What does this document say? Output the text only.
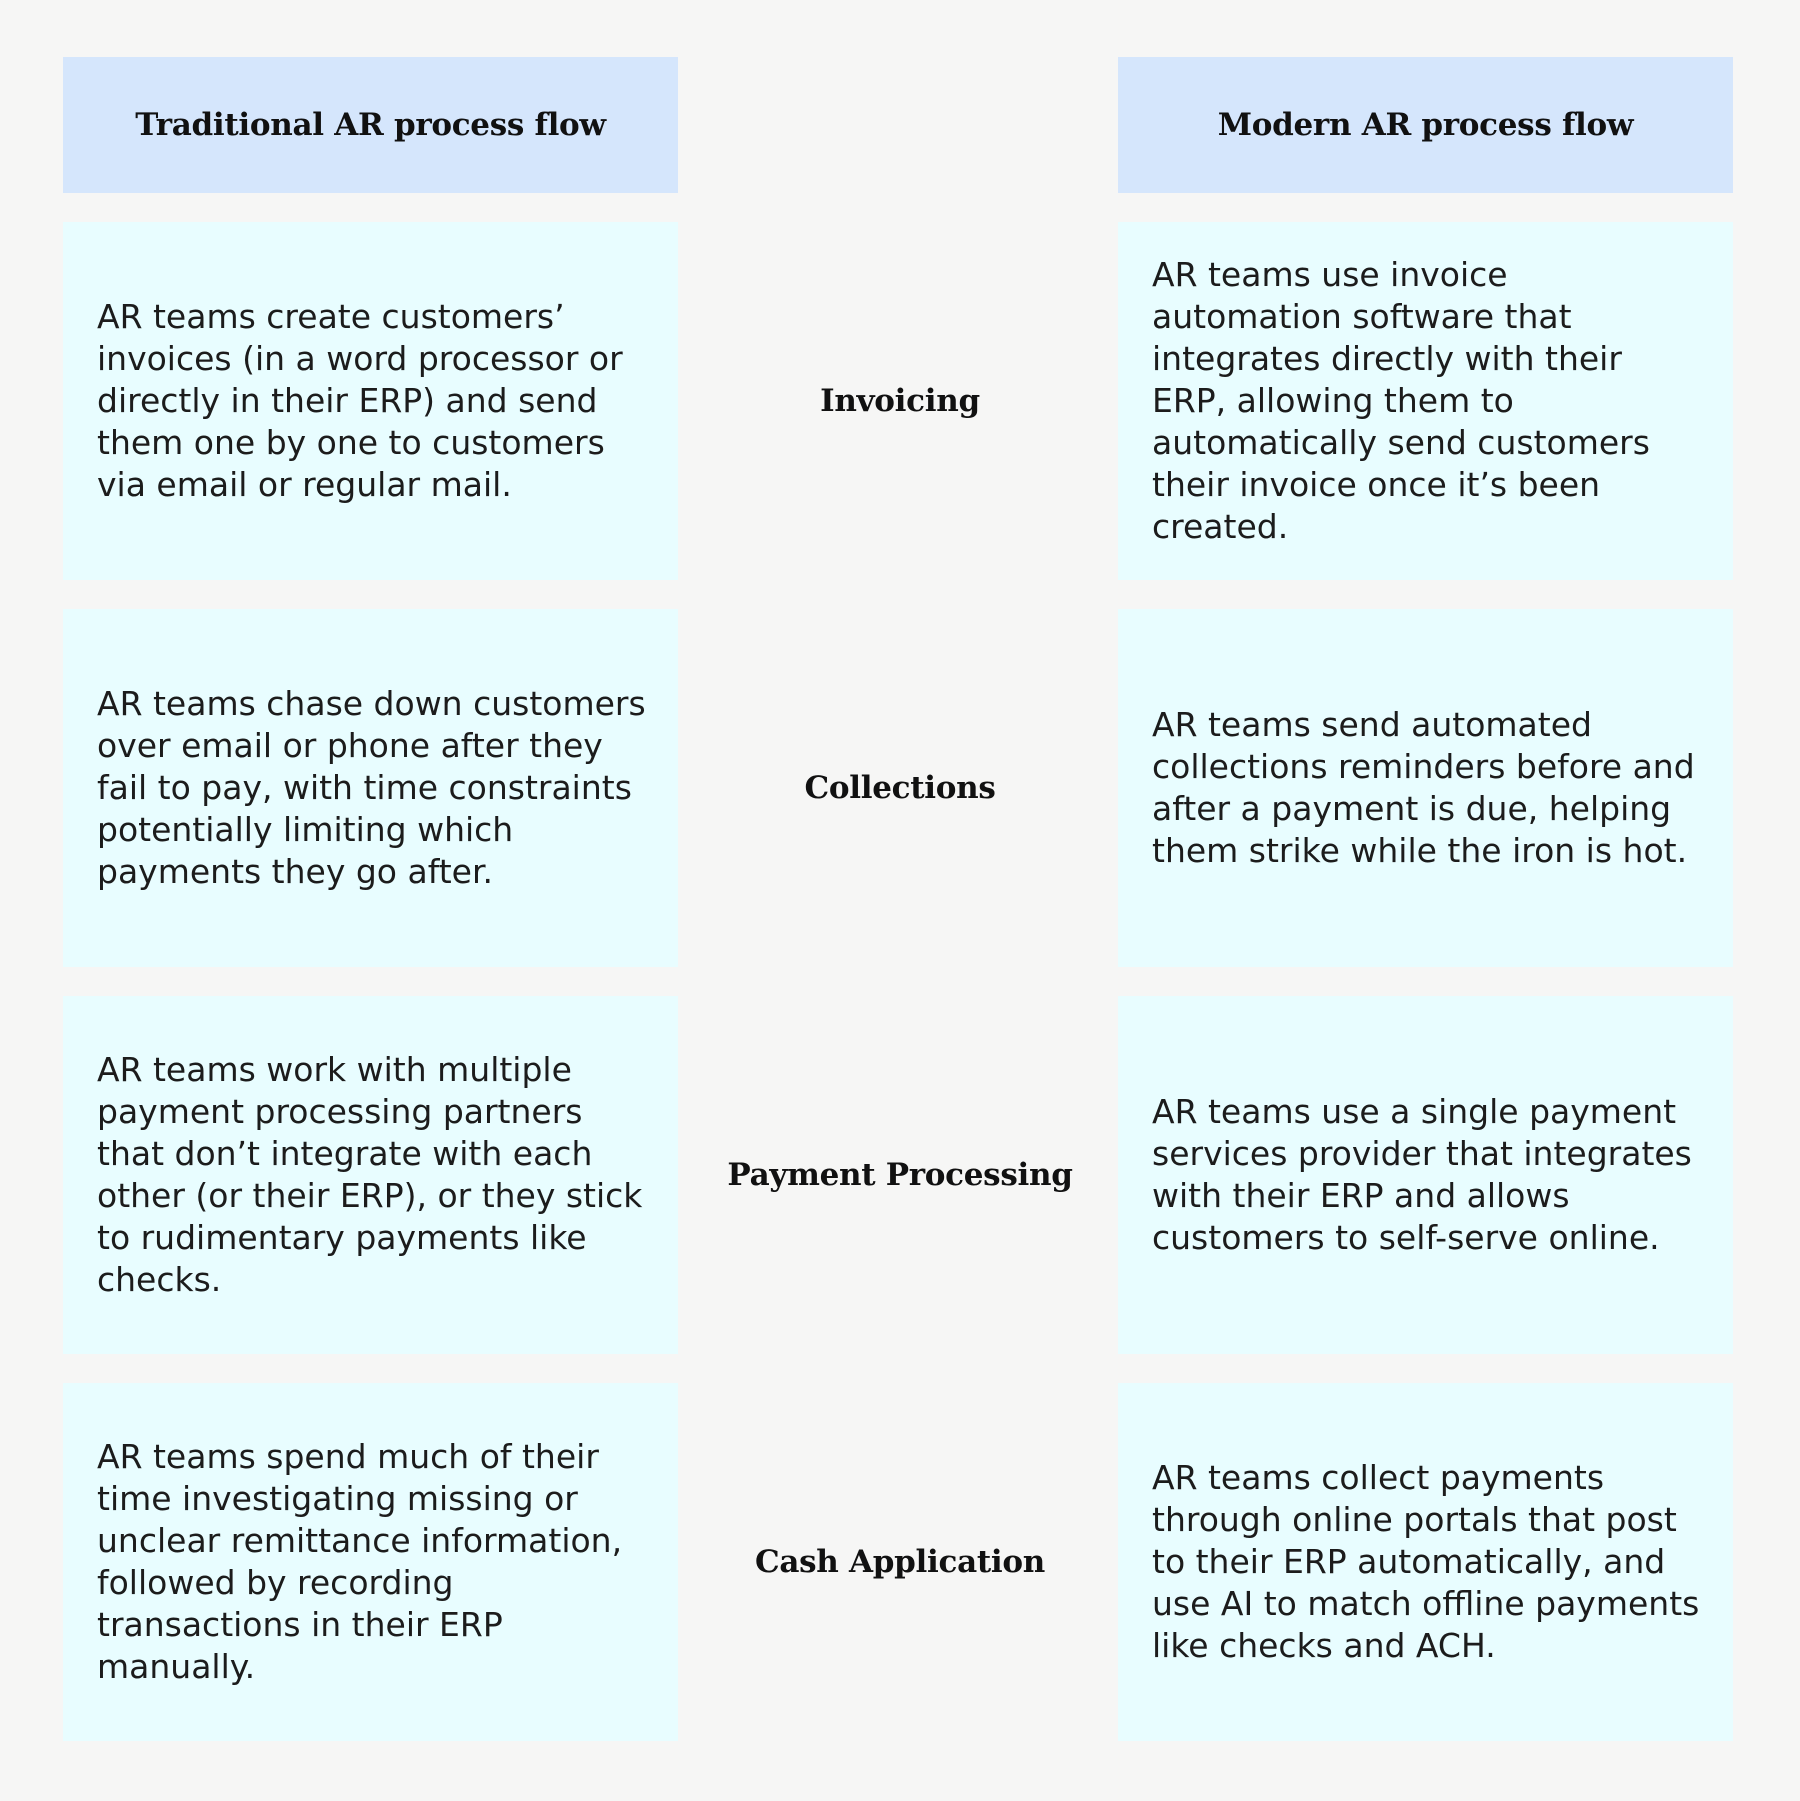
Traditional AR process flow	Modern AR process flow
AR teams create customers’ invoices (in a word processor or directly in their ERP) and send them one by one to customers via email or regular mail.
Invoicing
AR teams use invoice automation software that integrates directly with their ERP, allowing them to automatically send customers their invoice once it’s been created.
AR teams chase down customers over email or phone after they fail to pay, with time constraints potentially limiting which payments they go after.
Collections
AR teams send automated collections reminders before and after a payment is due, helping them strike while the iron is hot.
AR teams work with multiple payment processing partners that don’t integrate with each other (or their ERP), or they stick to rudimentary payments like checks.
Payment Processing
AR teams use a single payment services provider that integrates with their ERP and allows customers to self-serve online.
AR teams spend much of their time investigating missing or unclear remittance information, followed by recording transactions in their ERP manually.
Cash Application
AR teams collect payments through online portals that post to their ERP automatically, and use AI to match offline payments like checks and ACH.
